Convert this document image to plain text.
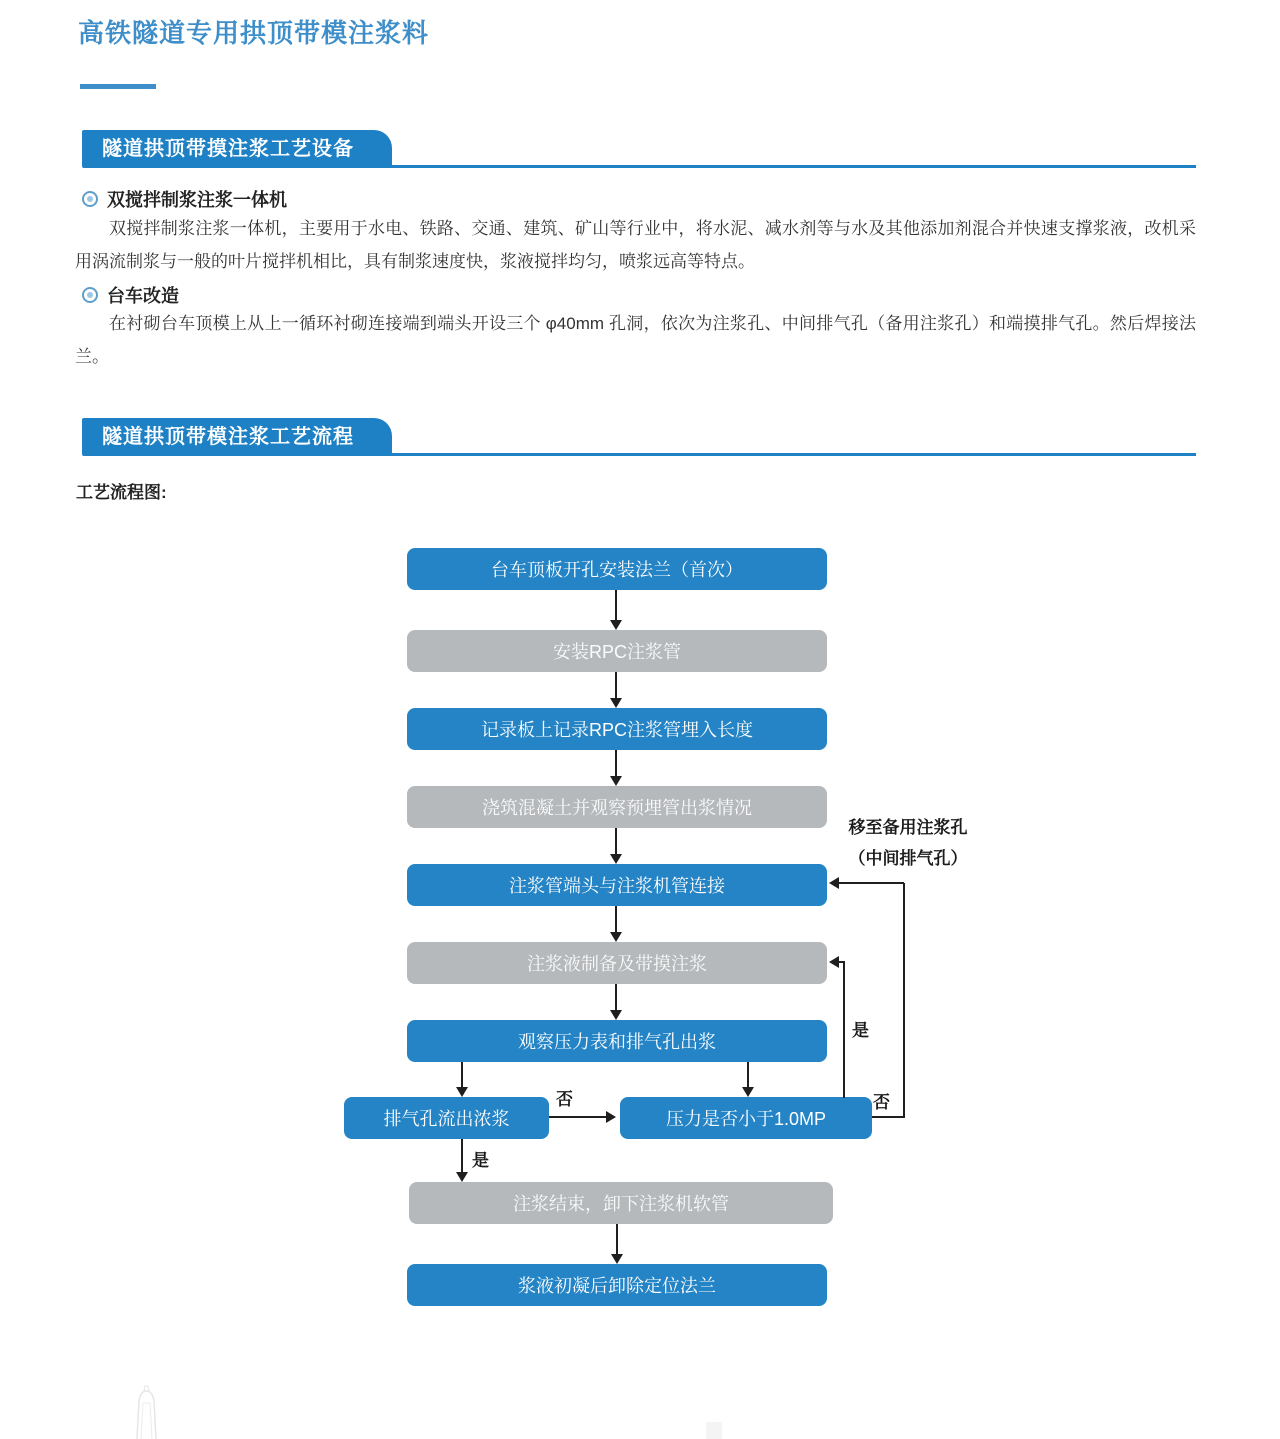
高铁隧道专用拱顶带模注浆料
隧道拱顶带摸注浆工艺设备
双搅拌制浆注浆一体机
双搅拌制浆注浆一体机，主要用于水电、铁路、交通、建筑、矿山等行业中，将水泥、减水剂等与水及其他添加剂混合并快速支撑浆液，改机采用涡流制浆与一般的叶片搅拌机相比，具有制浆速度快，浆液搅拌均匀，喷浆远高等特点。
台车改造
在衬砌台车顶模上从上一循环衬砌连接端到端头开设三个 φ40mm 孔洞，依次为注浆孔、中间排气孔（备用注浆孔）和端摸排气孔。然后焊接法兰。
隧道拱顶带模注浆工艺流程
工艺流程图:
台车顶板开孔安装法兰（首次）
安装RPC注浆管
记录板上记录RPC注浆管埋入长度
浇筑混凝土并观察预埋管出浆情况
注浆管端头与注浆机管连接
注浆液制备及带摸注浆
观察压力表和排气孔出浆
排气孔流出浓浆	压力是否小于1.0MP
注浆结束，卸下注浆机软管
浆液初凝后卸除定位法兰
否
是
否
是
移至备用注浆孔
（中间排气孔）
